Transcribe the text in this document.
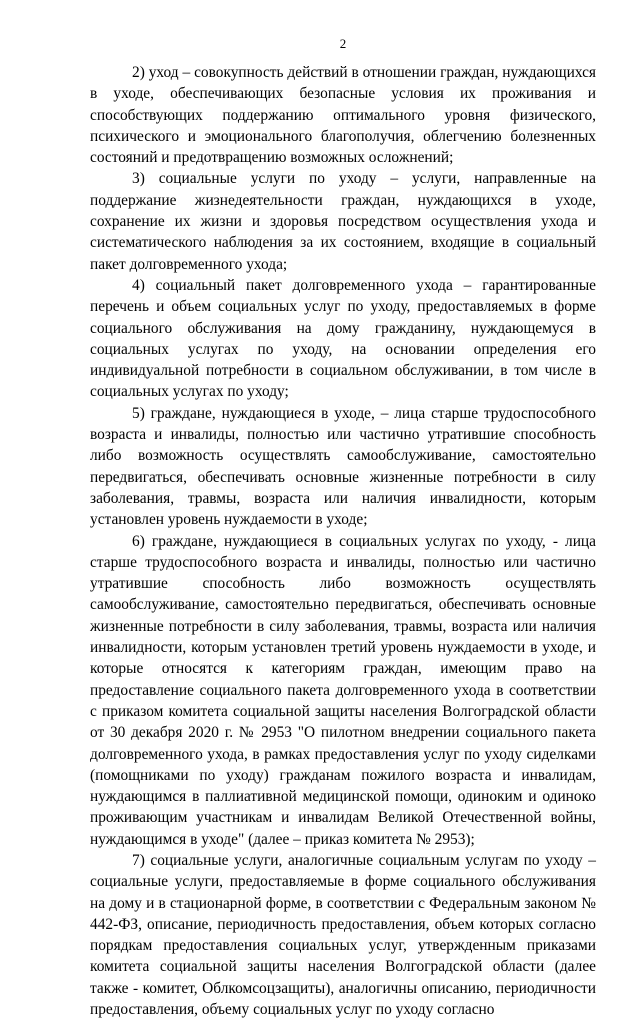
2

2) уход – совокупность действий в отношении граждан, нуждающихся в уходе, обеспечивающих безопасные условия их проживания и способствующих поддержанию оптимального уровня физического, психического и эмоционального благополучия, облегчению болезненных состояний и предотвращению возможных осложнений;

3) социальные услуги по уходу – услуги, направленные на поддержание жизнедеятельности граждан, нуждающихся в уходе, сохранение их жизни и здоровья посредством осуществления ухода и систематического наблюдения за их состоянием, входящие в социальный пакет долговременного ухода;

4) социальный пакет долговременного ухода – гарантированные перечень и объем социальных услуг по уходу, предоставляемых в форме социального обслуживания на дому гражданину, нуждающемуся в социальных услугах по уходу, на основании определения его индивидуальной потребности в социальном обслуживании, в том числе в социальных услугах по уходу;

5) граждане, нуждающиеся в уходе, – лица старше трудоспособного возраста и инвалиды, полностью или частично утратившие способность либо возможность осуществлять самообслуживание, самостоятельно передвигаться, обеспечивать основные жизненные потребности в силу заболевания, травмы, возраста или наличия инвалидности, которым установлен уровень нуждаемости в уходе;

6) граждане, нуждающиеся в социальных услугах по уходу, - лица старше трудоспособного возраста и инвалиды, полностью или частично утратившие способность либо возможность осуществлять самообслуживание, самостоятельно передвигаться, обеспечивать основные жизненные потребности в силу заболевания, травмы, возраста или наличия инвалидности, которым установлен третий уровень нуждаемости в уходе, и которые относятся к категориям граждан, имеющим право на предоставление социального пакета долговременного ухода в соответствии с приказом комитета социальной защиты населения Волгоградской области от 30 декабря 2020 г. № 2953 "О пилотном внедрении социального пакета долговременного ухода, в рамках предоставления услуг по уходу сиделками (помощниками по уходу) гражданам пожилого возраста и инвалидам, нуждающимся в паллиативной медицинской помощи, одиноким и одиноко проживающим участникам и инвалидам Великой Отечественной войны, нуждающимся в уходе" (далее – приказ комитета № 2953);

7) социальные услуги, аналогичные социальным услугам по уходу – социальные услуги, предоставляемые в форме социального обслуживания на дому и в стационарной форме, в соответствии с Федеральным законом № 442-ФЗ, описание, периодичность предоставления, объем которых согласно порядкам предоставления социальных услуг, утвержденным приказами комитета социальной защиты населения Волгоградской области (далее также - комитет, Облкомсоцзащиты), аналогичны описанию, периодичности предоставления, объему социальных услуг по уходу согласно
